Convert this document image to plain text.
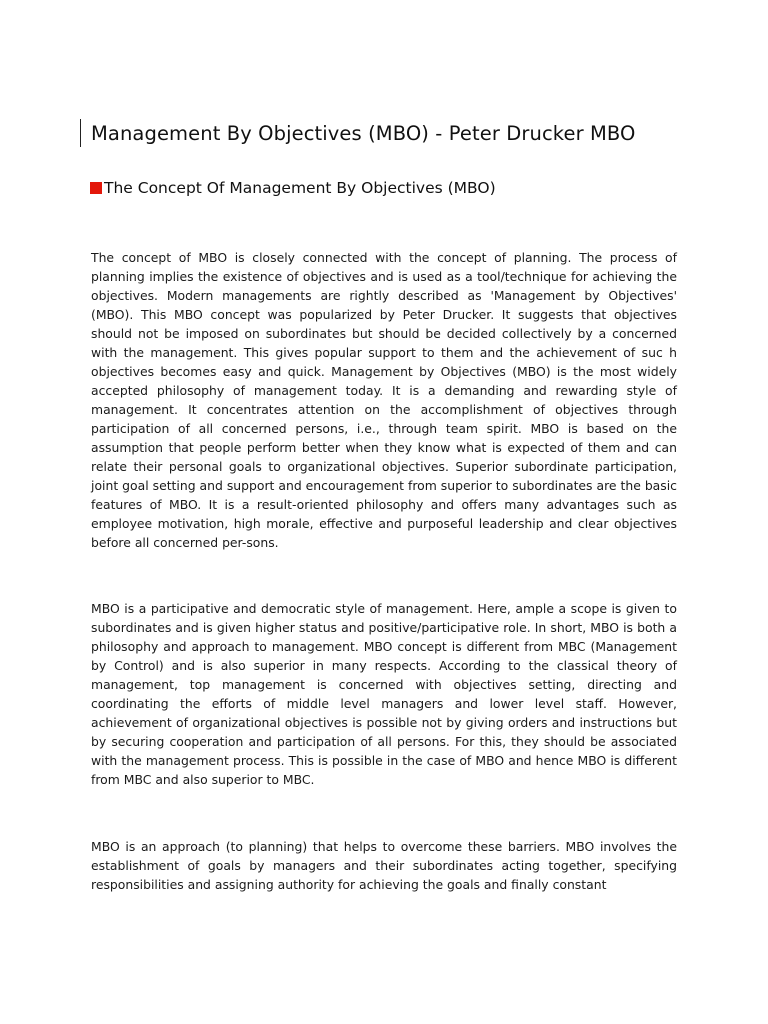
Management By Objectives (MBO) - Peter Drucker MBO
The Concept Of Management By Objectives (MBO)

The concept of MBO is closely connected with the concept of planning. The process of planning implies the existence of objectives and is used as a tool/technique for achieving the objectives. Modern managements are rightly described as 'Management by Objectives' (MBO). This MBO concept was popularized by Peter Drucker. It suggests that objectives should not be imposed on subordinates but should be decided collectively by a concerned with the management. This gives popular support to them and the achievement of suc h objectives becomes easy and quick. Management by Objectives (MBO) is the most widely accepted philosophy of management today. It is a demanding and rewarding style of management. It concentrates attention on the accomplishment of objectives through participation of all concerned persons, i.e., through team spirit. MBO is based on the assumption that people perform better when they know what is expected of them and can relate their personal goals to organizational objectives. Superior subordinate participation, joint goal setting and support and encouragement from superior to subordinates are the basic features of MBO. It is a result-oriented philosophy and offers many advantages such as employee motivation, high morale, effective and purposeful leadership and clear objectives before all concerned per-sons.

MBO is a participative and democratic style of management. Here, ample a scope is given to subordinates and is given higher status and positive/participative role. In short, MBO is both a philosophy and approach to management. MBO concept is different from MBC (Management by Control) and is also superior in many respects. According to the classical theory of management, top management is concerned with objectives setting, directing and coordinating the efforts of middle level managers and lower level staff. However, achievement of organizational objectives is possible not by giving orders and instructions but by securing cooperation and participation of all persons. For this, they should be associated with the management process. This is possible in the case of MBO and hence MBO is different from MBC and also superior to MBC.

MBO is an approach (to planning) that helps to overcome these barriers. MBO involves the establishment of goals by managers and their subordinates acting together, specifying responsibilities and assigning authority for achieving the goals and finally constant
